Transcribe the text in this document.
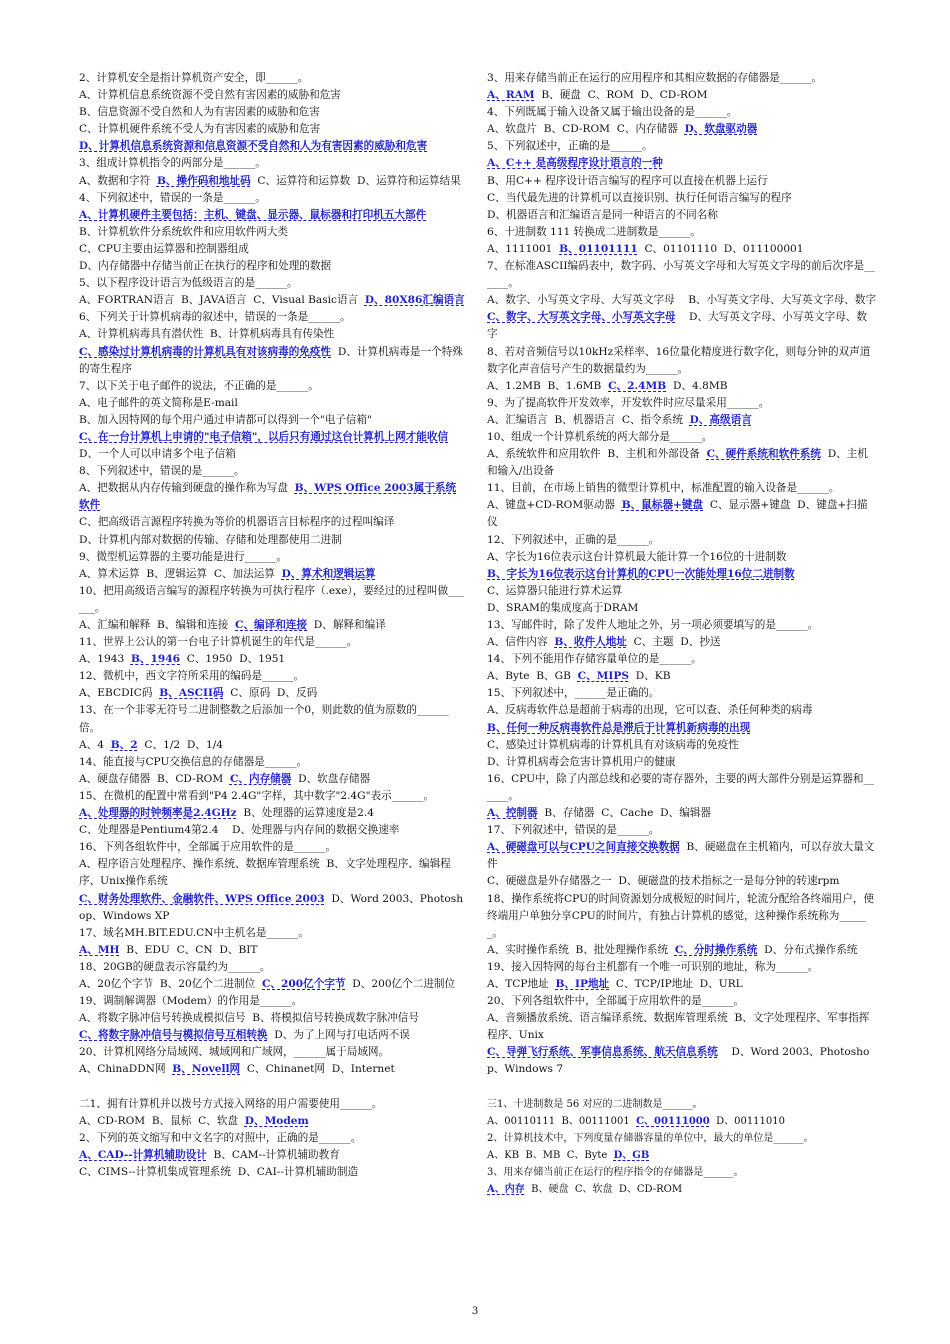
2、计算机安全是指计算机资产安全，即______。

A、计算机信息系统资源不受自然有害因素的威胁和危害

B、信息资源不受自然和人为有害因素的威胁和危害

C、计算机硬件系统不受人为有害因素的威胁和危害

D、计算机信息系统资源和信息资源不受自然和人为有害因素的威胁和危害

3、组成计算机指令的两部分是______。

A、数据和字符  B、操作码和地址码  C、运算符和运算数  D、运算符和运算结果

4、下列叙述中，错误的一条是______。

A、计算机硬件主要包括：主机、键盘、显示器、鼠标器和打印机五大部件

B、计算机软件分系统软件和应用软件两大类

C、CPU主要由运算器和控制器组成

D、内存储器中存储当前正在执行的程序和处理的数据

5、以下程序设计语言为低级语言的是______。

A、FORTRAN语言  B、JAVA语言  C、Visual Basic语言  D、80X86汇编语言

6、下列关于计算机病毒的叙述中，错误的一条是______。

A、计算机病毒具有潜伏性  B、计算机病毒具有传染性

C、感染过计算机病毒的计算机具有对该病毒的免疫性  D、计算机病毒是一个特殊的寄生程序

7、以下关于电子邮件的说法，不正确的是______。

A、电子邮件的英文简称是E-mail

B、加入因特网的每个用户通过申请都可以得到一个"电子信箱"

C、在一台计算机上申请的"电子信箱"，以后只有通过这台计算机上网才能收信

D、一个人可以申请多个电子信箱

8、下列叙述中，错误的是______。

A、把数据从内存传输到硬盘的操作称为写盘  B、WPS Office 2003属于系统软件

C、把高级语言源程序转换为等价的机器语言目标程序的过程叫编译

D、计算机内部对数据的传输、存储和处理都使用二进制

9、微型机运算器的主要功能是进行______。

A、算术运算  B、逻辑运算  C、加法运算  D、算术和逻辑运算

10、把用高级语言编写的源程序转换为可执行程序（.exe），要经过的过程叫做______。

A、汇编和解释  B、编辑和连接  C、编译和连接  D、解释和编译

11、世界上公认的第一台电子计算机诞生的年代是______。

A、1943  B、1946  C、1950  D、1951

12、微机中，西文字符所采用的编码是______。

A、EBCDIC码  B、ASCII码  C、原码  D、反码

13、在一个非零无符号二进制整数之后添加一个0，则此数的值为原数的______倍。

A、4  B、2  C、1/2  D、1/4

14、能直接与CPU交换信息的存储器是______。

A、硬盘存储器  B、CD-ROM  C、内存储器  D、软盘存储器

15、在微机的配置中常看到"P4 2.4G"字样，其中数字"2.4G"表示______。

A、处理器的时钟频率是2.4GHz  B、处理器的运算速度是2.4

C、处理器是Pentium4第2.4    D、处理器与内存间的数据交换速率

16、下列各组软件中，全部属于应用软件的是______。

A、程序语言处理程序、操作系统、数据库管理系统  B、文字处理程序、编辑程序、Unix操作系统

C、财务处理软件、金融软件、WPS Office 2003  D、Word 2003、Photoshop、Windows XP

17、域名MH.BIT.EDU.CN中主机名是______。

A、MH  B、EDU  C、CN  D、BIT

18、20GB的硬盘表示容量约为______。

A、20亿个字节  B、20亿个二进制位  C、200亿个字节  D、200亿个二进制位

19、调制解调器（Modem）的作用是______。

A、将数字脉冲信号转换成模拟信号  B、将模拟信号转换成数字脉冲信号

C、将数字脉冲信号与模拟信号互相转换  D、为了上网与打电话两不误

20、计算机网络分局域网、城域网和广域网，______属于局域网。

A、ChinaDDN网  B、Novell网  C、Chinanet网  D、Internet

二1、拥有计算机并以拨号方式接入网络的用户需要使用______。

A、CD-ROM  B、鼠标  C、软盘  D、Modem

2、下列的英文缩写和中文名字的对照中，正确的是______。

A、CAD--计算机辅助设计  B、CAM--计算机辅助教育

C、CIMS--计算机集成管理系统  D、CAI--计算机辅助制造

3、用来存储当前正在运行的应用程序和其相应数据的存储器是______。

A、RAM  B、硬盘  C、ROM  D、CD-ROM

4、下列既属于输入设备又属于输出设备的是______。

A、软盘片  B、CD-ROM  C、内存储器  D、软盘驱动器

5、下列叙述中，正确的是______。

A、C++ 是高级程序设计语言的一种

B、用C++ 程序设计语言编写的程序可以直接在机器上运行

C、当代最先进的计算机可以直接识别、执行任何语言编写的程序

D、机器语言和汇编语言是同一种语言的不同名称

6、十进制数 111 转换成二进制数是______。

A、1111001  B、01101111  C、01101110  D、011100001

7、在标准ASCII编码表中，数字码、小写英文字母和大写英文字母的前后次序是______。

A、数字、小写英文字母、大写英文字母    B、小写英文字母、大写英文字母、数字

C、数字、大写英文字母、小写英文字母    D、大写英文字母、小写英文字母、数字

8、若对音频信号以10kHz采样率、16位量化精度进行数字化，则每分钟的双声道数字化声音信号产生的数据量约为______。

A、1.2MB  B、1.6MB  C、2.4MB  D、4.8MB

9、为了提高软件开发效率，开发软件时应尽量采用______。

A、汇编语言  B、机器语言  C、指令系统  D、高级语言

10、组成一个计算机系统的两大部分是______。

A、系统软件和应用软件  B、主机和外部设备  C、硬件系统和软件系统  D、主机和输入/出设备

11、目前，在市场上销售的微型计算机中，标准配置的输入设备是______。

A、键盘+CD-ROM驱动器  B、鼠标器+键盘  C、显示器+键盘  D、键盘+扫描仪

12、下列叙述中，正确的是______。

A、字长为16位表示这台计算机最大能计算一个16位的十进制数

B、字长为16位表示这台计算机的CPU一次能处理16位二进制数

C、运算器只能进行算术运算

D、SRAM的集成度高于DRAM

13、写邮件时，除了发件人地址之外，另一项必须要填写的是______。

A、信件内容  B、收件人地址  C、主题  D、抄送

14、下列不能用作存储容量单位的是______。

A、Byte  B、GB  C、MIPS  D、KB

15、下列叙述中，______是正确的。

A、反病毒软件总是超前于病毒的出现，它可以查、杀任何种类的病毒

B、任何一种反病毒软件总是滞后于计算机新病毒的出现

C、感染过计算机病毒的计算机具有对该病毒的免疫性

D、计算机病毒会危害计算机用户的健康

16、CPU中，除了内部总线和必要的寄存器外，主要的两大部件分别是运算器和______。

A、控制器  B、存储器  C、Cache  D、编辑器

17、下列叙述中，错误的是______。

A、硬磁盘可以与CPU之间直接交换数据  B、硬磁盘在主机箱内，可以存放大量文件

C、硬磁盘是外存储器之一  D、硬磁盘的技术指标之一是每分钟的转速rpm

18、操作系统将CPU的时间资源划分成极短的时间片，轮流分配给各终端用户，使终端用户单独分享CPU的时间片，有独占计算机的感觉，这种操作系统称为______。

A、实时操作系统  B、批处理操作系统  C、分时操作系统  D、分布式操作系统

19、接入因特网的每台主机都有一个唯一可识别的地址，称为______。

A、TCP地址  B、IP地址  C、TCP/IP地址  D、URL

20、下列各组软件中，全部属于应用软件的是______。

A、音频播放系统、语言编译系统、数据库管理系统  B、文字处理程序、军事指挥程序、Unix

C、导弹飞行系统、军事信息系统、航天信息系统    D、Word 2003、Photoshop、Windows 7

三1、十进制数是 56 对应的二进制数是______。

A、00110111  B、00111001  C、00111000  D、00111010

2、计算机技术中，下列度量存储器容量的单位中，最大的单位是______。

A、KB  B、MB  C、Byte  D、GB

3、用来存储当前正在运行的程序指令的存储器是______。

A、内存  B、硬盘  C、软盘  D、CD-ROM

3
